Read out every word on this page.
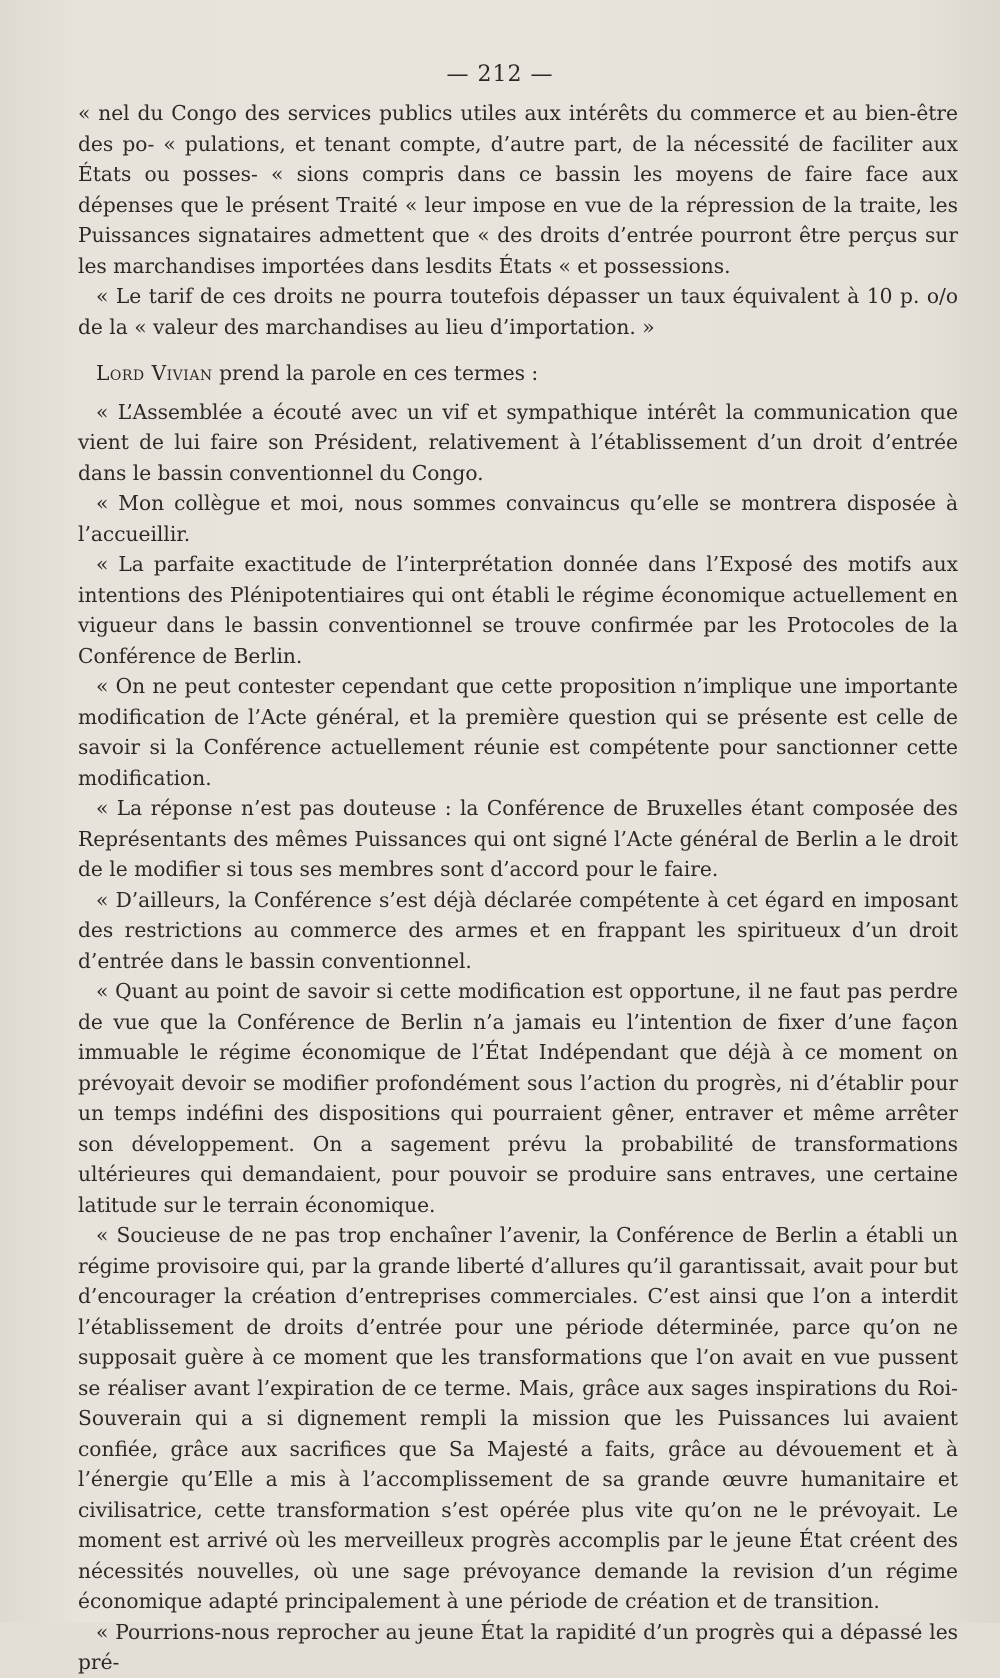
— 212 —

« nel du Congo des services publics utiles aux intérêts du commerce et au bien-être des po- « pulations, et tenant compte, d’autre part, de la nécessité de faciliter aux États ou posses- « sions compris dans ce bassin les moyens de faire face aux dépenses que le présent Traité « leur impose en vue de la répression de la traite, les Puissances signataires admettent que « des droits d’entrée pourront être perçus sur les marchandises importées dans lesdits États « et possessions.

« Le tarif de ces droits ne pourra toutefois dépasser un taux équivalent à 10 p. o/o de la « valeur des marchandises au lieu d’importation. »

Lord Vivian prend la parole en ces termes :

« L’Assemblée a écouté avec un vif et sympathique intérêt la communication que vient de lui faire son Président, relativement à l’établissement d’un droit d’entrée dans le bassin conventionnel du Congo.

« Mon collègue et moi, nous sommes convaincus qu’elle se montrera disposée à l’accueillir.

« La parfaite exactitude de l’interprétation donnée dans l’Exposé des motifs aux intentions des Plénipotentiaires qui ont établi le régime économique actuellement en vigueur dans le bassin conventionnel se trouve confirmée par les Protocoles de la Conférence de Berlin.

« On ne peut contester cependant que cette proposition n’implique une importante modification de l’Acte général, et la première question qui se présente est celle de savoir si la Conférence actuellement réunie est compétente pour sanctionner cette modification.

« La réponse n’est pas douteuse : la Conférence de Bruxelles étant composée des Représentants des mêmes Puissances qui ont signé l’Acte général de Berlin a le droit de le modifier si tous ses membres sont d’accord pour le faire.

« D’ailleurs, la Conférence s’est déjà déclarée compétente à cet égard en imposant des restrictions au commerce des armes et en frappant les spiritueux d’un droit d’entrée dans le bassin conventionnel.

« Quant au point de savoir si cette modification est opportune, il ne faut pas perdre de vue que la Conférence de Berlin n’a jamais eu l’intention de fixer d’une façon immuable le régime économique de l’État Indépendant que déjà à ce moment on prévoyait devoir se modifier profondément sous l’action du progrès, ni d’établir pour un temps indéfini des dispositions qui pourraient gêner, entraver et même arrêter son développement. On a sagement prévu la probabilité de transformations ultérieures qui demandaient, pour pouvoir se produire sans entraves, une certaine latitude sur le terrain économique.

« Soucieuse de ne pas trop enchaîner l’avenir, la Conférence de Berlin a établi un régime provisoire qui, par la grande liberté d’allures qu’il garantissait, avait pour but d’encourager la création d’entreprises commerciales. C’est ainsi que l’on a interdit l’établissement de droits d’entrée pour une période déterminée, parce qu’on ne supposait guère à ce moment que les transformations que l’on avait en vue pussent se réaliser avant l’expiration de ce terme. Mais, grâce aux sages inspirations du Roi-Souverain qui a si dignement rempli la mission que les Puissances lui avaient confiée, grâce aux sacrifices que Sa Majesté a faits, grâce au dévouement et à l’énergie qu’Elle a mis à l’accomplissement de sa grande œuvre humanitaire et civilisatrice, cette transformation s’est opérée plus vite qu’on ne le prévoyait. Le moment est arrivé où les merveilleux progrès accomplis par le jeune État créent des nécessités nouvelles, où une sage prévoyance demande la revision d’un régime économique adapté principalement à une période de création et de transition.

« Pourrions-nous reprocher au jeune État la rapidité d’un progrès qui a dépassé les pré-
